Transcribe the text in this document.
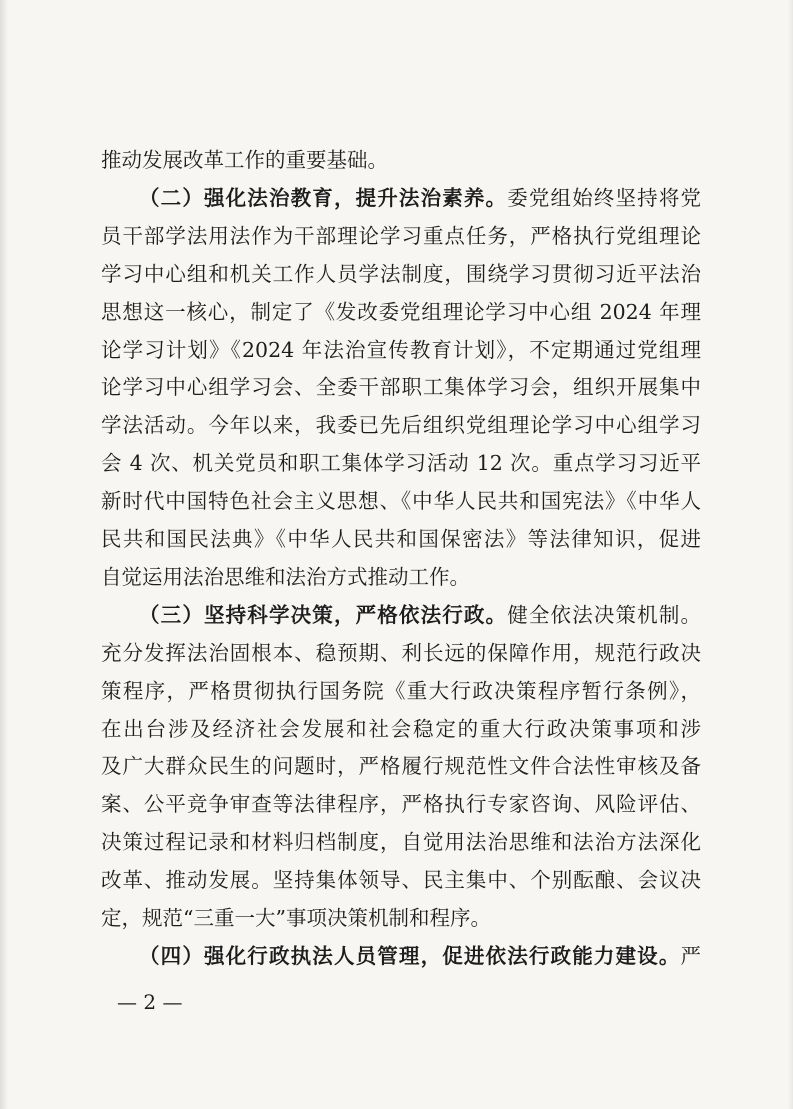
推动发展改革工作的重要基础。
（二）强化法治教育，提升法治素养。委党组始终坚持将党
员干部学法用法作为干部理论学习重点任务，严格执行党组理论
学习中心组和机关工作人员学法制度，围绕学习贯彻习近平法治
思想这一核心，制定了《发改委党组理论学习中心组 2024 年理
论学习计划》《2024 年法治宣传教育计划》，不定期通过党组理
论学习中心组学习会、全委干部职工集体学习会，组织开展集中
学法活动。今年以来，我委已先后组织党组理论学习中心组学习
会 4 次、机关党员和职工集体学习活动 12 次。重点学习习近平
新时代中国特色社会主义思想、《中华人民共和国宪法》《中华人
民共和国民法典》《中华人民共和国保密法》等法律知识，促进
自觉运用法治思维和法治方式推动工作。
（三）坚持科学决策，严格依法行政。健全依法决策机制。
充分发挥法治固根本、稳预期、利长远的保障作用，规范行政决
策程序，严格贯彻执行国务院《重大行政决策程序暂行条例》，
在出台涉及经济社会发展和社会稳定的重大行政决策事项和涉
及广大群众民生的问题时，严格履行规范性文件合法性审核及备
案、公平竞争审查等法律程序，严格执行专家咨询、风险评估、
决策过程记录和材料归档制度，自觉用法治思维和法治方法深化
改革、推动发展。坚持集体领导、民主集中、个别酝酿、会议决
定，规范“三重一大”事项决策机制和程序。
（四）强化行政执法人员管理，促进依法行政能力建设。严
— 2 —
